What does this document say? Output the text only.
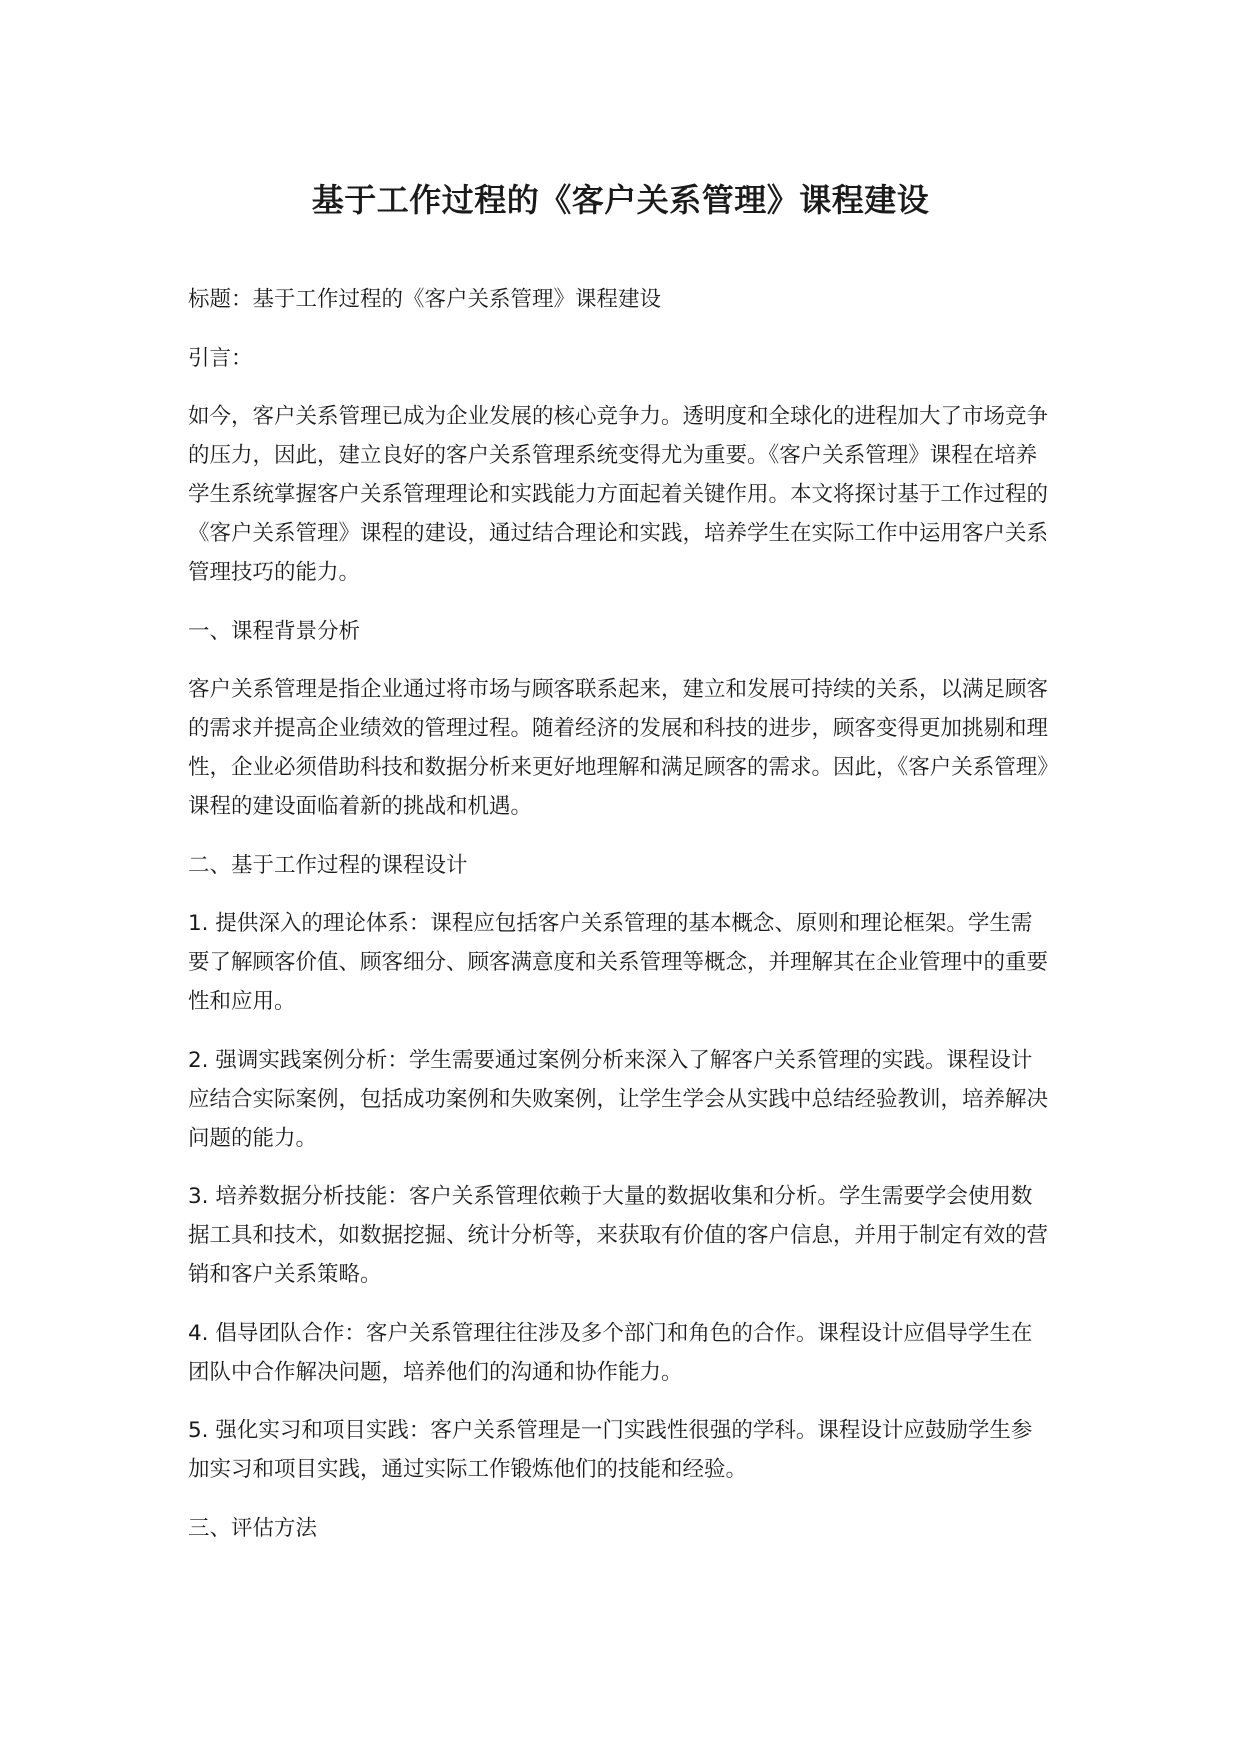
基于工作过程的《客户关系管理》课程建设

标题：基于工作过程的《客户关系管理》课程建设

引言：

如今，客户关系管理已成为企业发展的核心竞争力。透明度和全球化的进程加大了市场竞争的压力，因此，建立良好的客户关系管理系统变得尤为重要。《客户关系管理》课程在培养学生系统掌握客户关系管理理论和实践能力方面起着关键作用。本文将探讨基于工作过程的《客户关系管理》课程的建设，通过结合理论和实践，培养学生在实际工作中运用客户关系管理技巧的能力。

一、课程背景分析

客户关系管理是指企业通过将市场与顾客联系起来，建立和发展可持续的关系，以满足顾客的需求并提高企业绩效的管理过程。随着经济的发展和科技的进步，顾客变得更加挑剔和理性，企业必须借助科技和数据分析来更好地理解和满足顾客的需求。因此，《客户关系管理》课程的建设面临着新的挑战和机遇。

二、基于工作过程的课程设计

1. 提供深入的理论体系：课程应包括客户关系管理的基本概念、原则和理论框架。学生需要了解顾客价值、顾客细分、顾客满意度和关系管理等概念，并理解其在企业管理中的重要性和应用。

2. 强调实践案例分析：学生需要通过案例分析来深入了解客户关系管理的实践。课程设计应结合实际案例，包括成功案例和失败案例，让学生学会从实践中总结经验教训，培养解决问题的能力。

3. 培养数据分析技能：客户关系管理依赖于大量的数据收集和分析。学生需要学会使用数据工具和技术，如数据挖掘、统计分析等，来获取有价值的客户信息，并用于制定有效的营销和客户关系策略。

4. 倡导团队合作：客户关系管理往往涉及多个部门和角色的合作。课程设计应倡导学生在团队中合作解决问题，培养他们的沟通和协作能力。

5. 强化实习和项目实践：客户关系管理是一门实践性很强的学科。课程设计应鼓励学生参加实习和项目实践，通过实际工作锻炼他们的技能和经验。

三、评估方法
